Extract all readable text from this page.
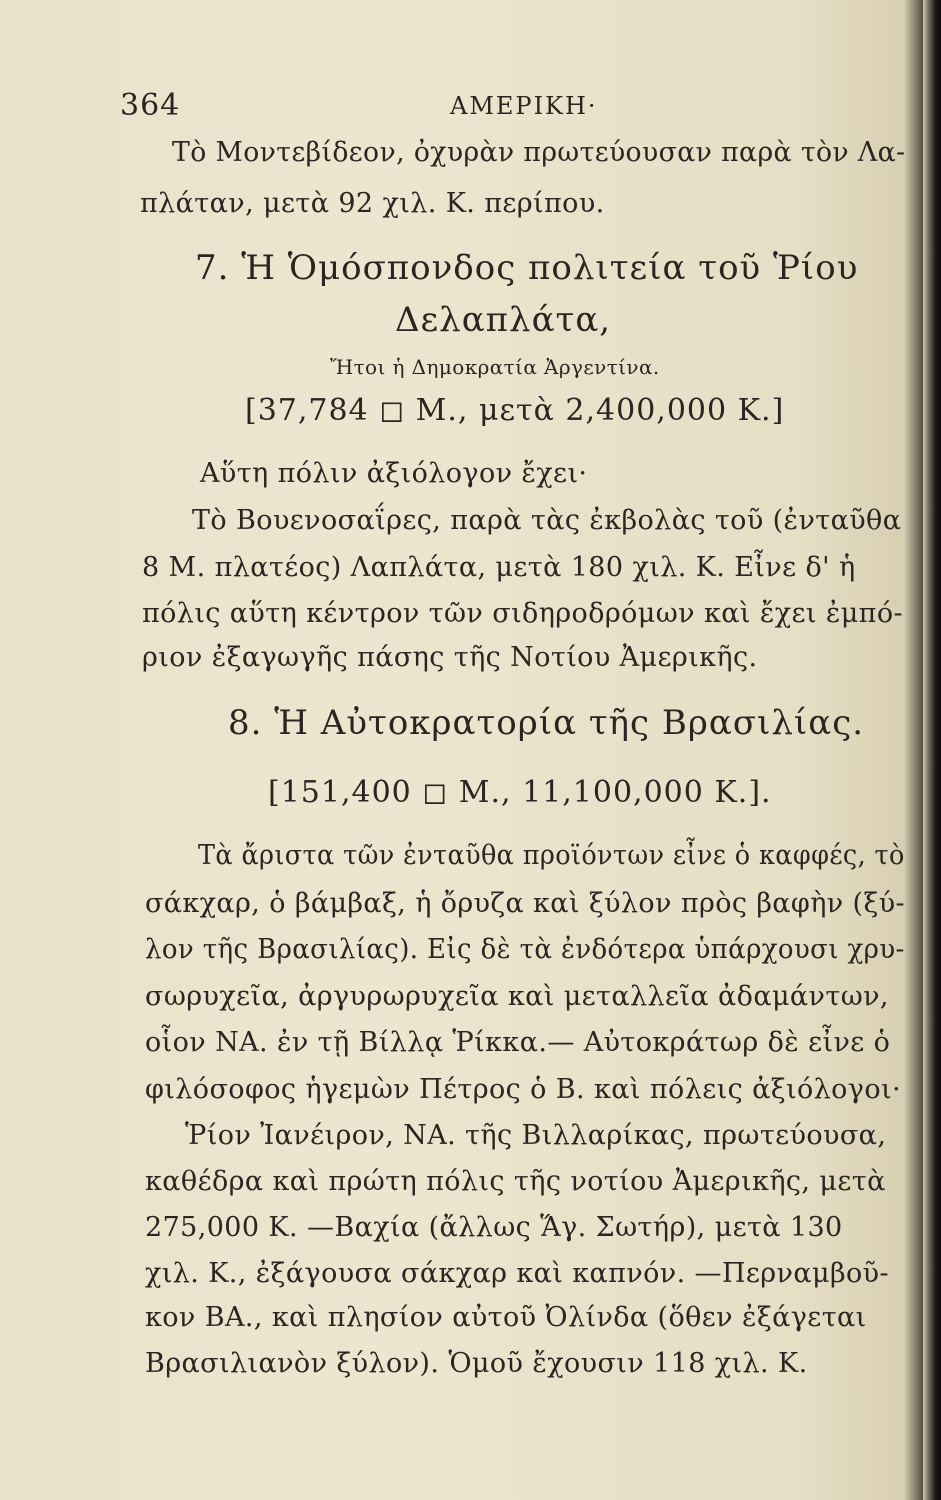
364	ΑΜΕΡΙΚΗ·
Τὸ Μοντεβίδεον, ὀχυρὰν πρωτεύουσαν παρὰ τὸν Λα-
πλάταν, μετὰ 92 χιλ. Κ. περίπου.
7. Ἡ Ὁμόσπονδος πολιτεία τοῦ Ῥίου
Δελαπλάτα,
Ἤτοι ἡ Δημοκρατία Ἀργεντίνα.
[37,784 ◻ Μ., μετὰ 2,400,000 Κ.]
Αὕτη πόλιν ἀξιόλογον ἔχει·
Τὸ Βουενοσαΐρες, παρὰ τὰς ἐκβολὰς τοῦ (ἐνταῦθα
8 Μ. πλατέος) Λαπλάτα, μετὰ 180 χιλ. Κ. Εἶνε δ' ἡ
πόλις αὕτη κέντρον τῶν σιδηροδρόμων καὶ ἔχει ἐμπό-
ριον ἐξαγωγῆς πάσης τῆς Νοτίου Ἀμερικῆς.
8. Ἡ Αὐτοκρατορία τῆς Βρασιλίας.
[151,400 ◻ Μ., 11,100,000 Κ.].
Τὰ ἄριστα τῶν ἐνταῦθα προϊόντων εἶνε ὁ καφφές, τὸ
σάκχαρ, ὁ βάμβαξ, ἡ ὄρυζα καὶ ξύλον πρὸς βαφὴν (ξύ-
λον τῆς Βρασιλίας). Εἰς δὲ τὰ ἐνδότερα ὑπάρχουσι χρυ-
σωρυχεῖα, ἀργυρωρυχεῖα καὶ μεταλλεῖα ἀδαμάντων,
οἷον ΝΑ. ἐν τῇ Βίλλᾳ Ῥίκκα.— Αὐτοκράτωρ δὲ εἶνε ὁ
φιλόσοφος ἡγεμὼν Πέτρος ὁ Β. καὶ πόλεις ἀξιόλογοι·
Ῥίον Ἰανέιρον, ΝΑ. τῆς Βιλλαρίκας, πρωτεύουσα,
καθέδρα καὶ πρώτη πόλις τῆς νοτίου Ἀμερικῆς, μετὰ
275,000 Κ. —Βαχία (ἄλλως Ἅγ. Σωτήρ), μετὰ 130
χιλ. Κ., ἐξάγουσα σάκχαρ καὶ καπνόν. —Περναμβοῦ-
κον ΒΑ., καὶ πλησίον αὐτοῦ Ὀλίνδα (ὅθεν ἐξάγεται
Βρασιλιανὸν ξύλον). Ὁμοῦ ἔχουσιν 118 χιλ. Κ.
